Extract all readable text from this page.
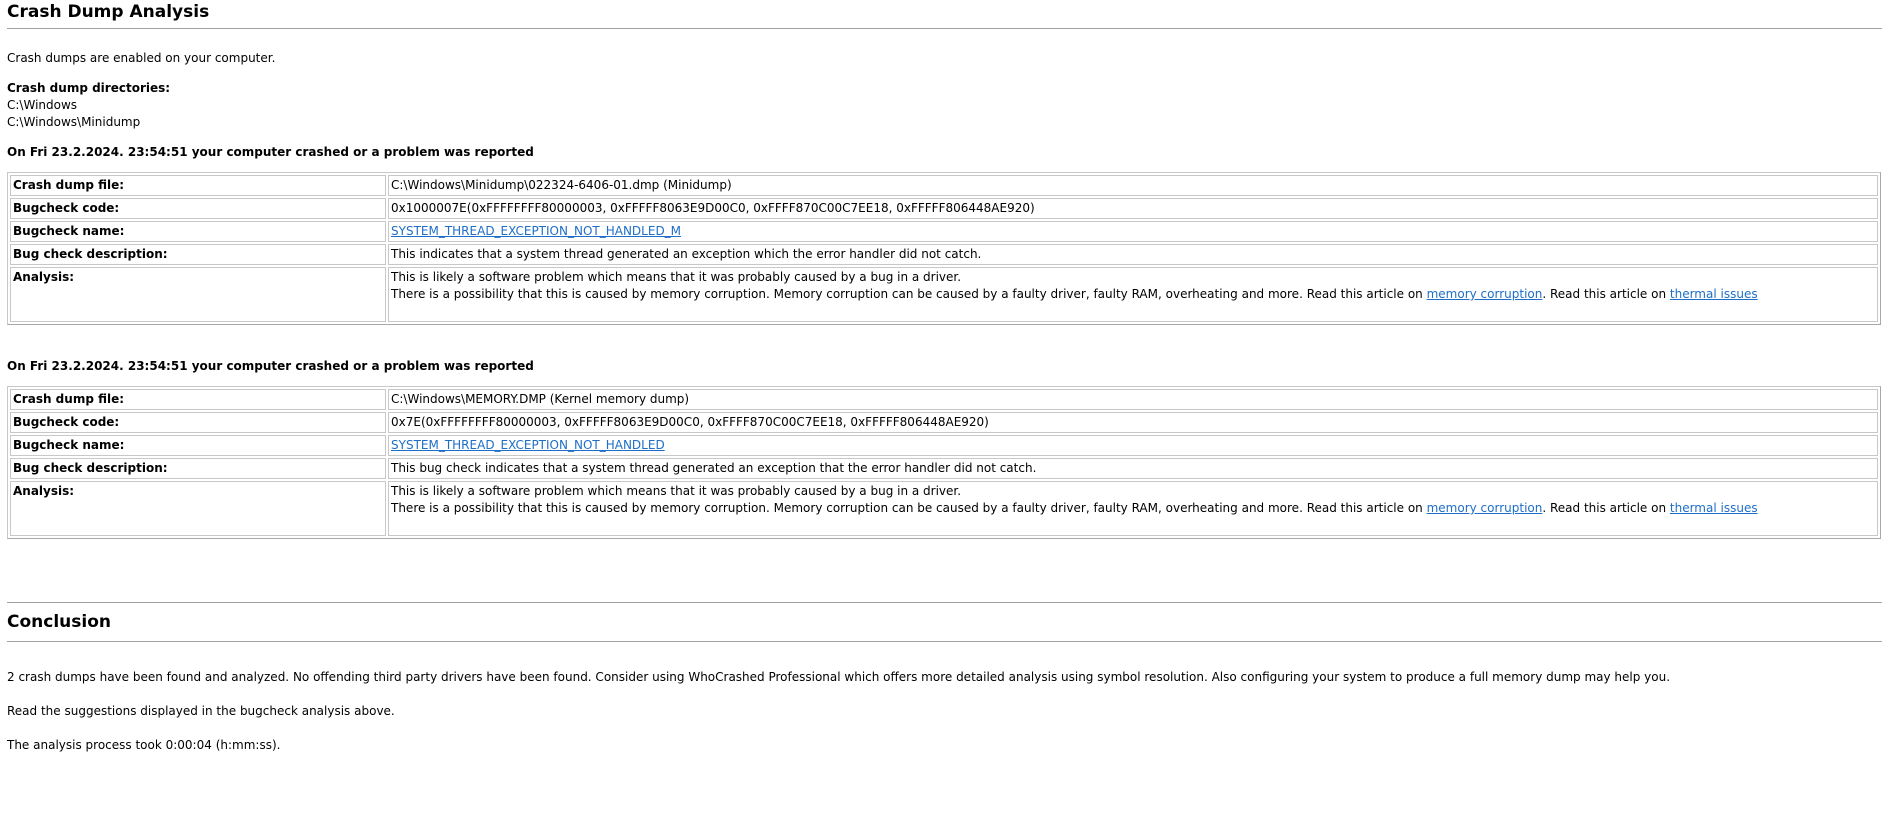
Crash Dump Analysis

Crash dumps are enabled on your computer.

Crash dump directories:

C:\Windows
C:\Windows\Minidump

On Fri 23.2.2024. 23:54:51 your computer crashed or a problem was reported

Crash dump file:	C:\Windows\Minidump\022324-6406-01.dmp (Minidump)
Bugcheck code:	0x1000007E(0xFFFFFFFF80000003, 0xFFFFF8063E9D00C0, 0xFFFF870C00C7EE18, 0xFFFFF806448AE920)
Bugcheck name:	SYSTEM_THREAD_EXCEPTION_NOT_HANDLED_M
Bug check description:	This indicates that a system thread generated an exception which the error handler did not catch.
Analysis:	This is likely a software problem which means that it was probably caused by a bug in a driver.
There is a possibility that this is caused by memory corruption. Memory corruption can be caused by a faulty driver, faulty RAM, overheating and more. Read this article on memory corruption. Read this article on thermal issues

On Fri 23.2.2024. 23:54:51 your computer crashed or a problem was reported

Crash dump file:	C:\Windows\MEMORY.DMP (Kernel memory dump)
Bugcheck code:	0x7E(0xFFFFFFFF80000003, 0xFFFFF8063E9D00C0, 0xFFFF870C00C7EE18, 0xFFFFF806448AE920)
Bugcheck name:	SYSTEM_THREAD_EXCEPTION_NOT_HANDLED
Bug check description:	This bug check indicates that a system thread generated an exception that the error handler did not catch.
Analysis:	This is likely a software problem which means that it was probably caused by a bug in a driver.
There is a possibility that this is caused by memory corruption. Memory corruption can be caused by a faulty driver, faulty RAM, overheating and more. Read this article on memory corruption. Read this article on thermal issues
Conclusion

2 crash dumps have been found and analyzed. No offending third party drivers have been found. Consider using WhoCrashed Professional which offers more detailed analysis using symbol resolution. Also configuring your system to produce a full memory dump may help you.

Read the suggestions displayed in the bugcheck analysis above.

The analysis process took 0:00:04 (h:mm:ss).
